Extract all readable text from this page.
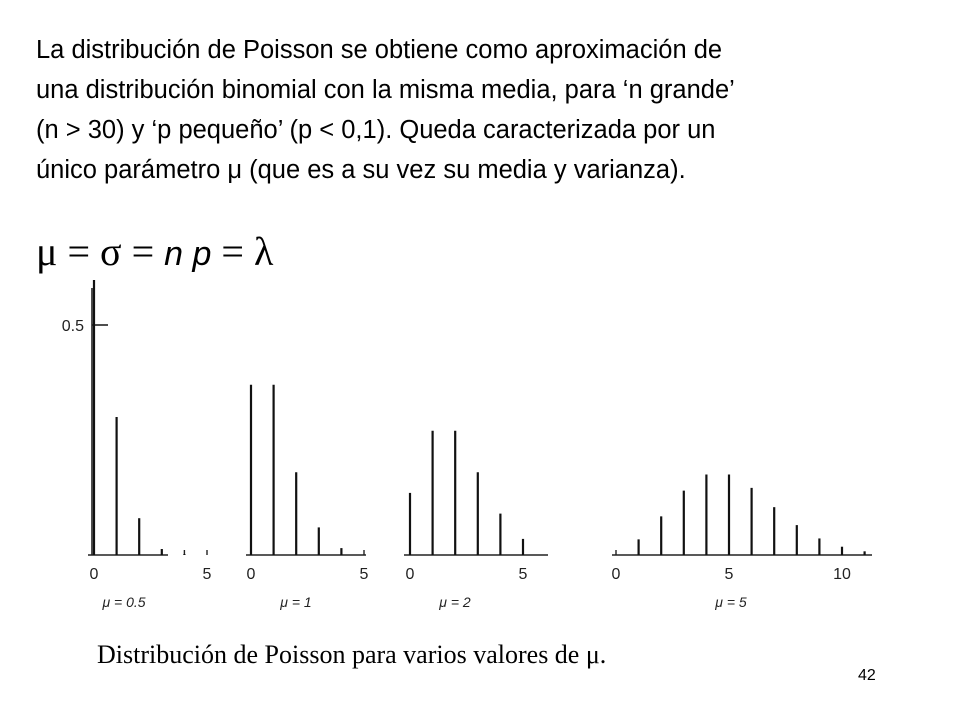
La distribución de Poisson se obtiene como aproximación de
una distribución binomial con la misma media, para ‘n grande’
(n > 30) y ‘p pequeño’ (p < 0,1). Queda caracterizada por un
único parámetro μ (que es a su vez su media y varianza).
μ = σ = n p = λ
0.5
0	5
μ = 0.5
0	5
μ = 1
0	5
μ = 2
0	5	10
μ = 5
Distribución de Poisson para varios valores de μ.
42
